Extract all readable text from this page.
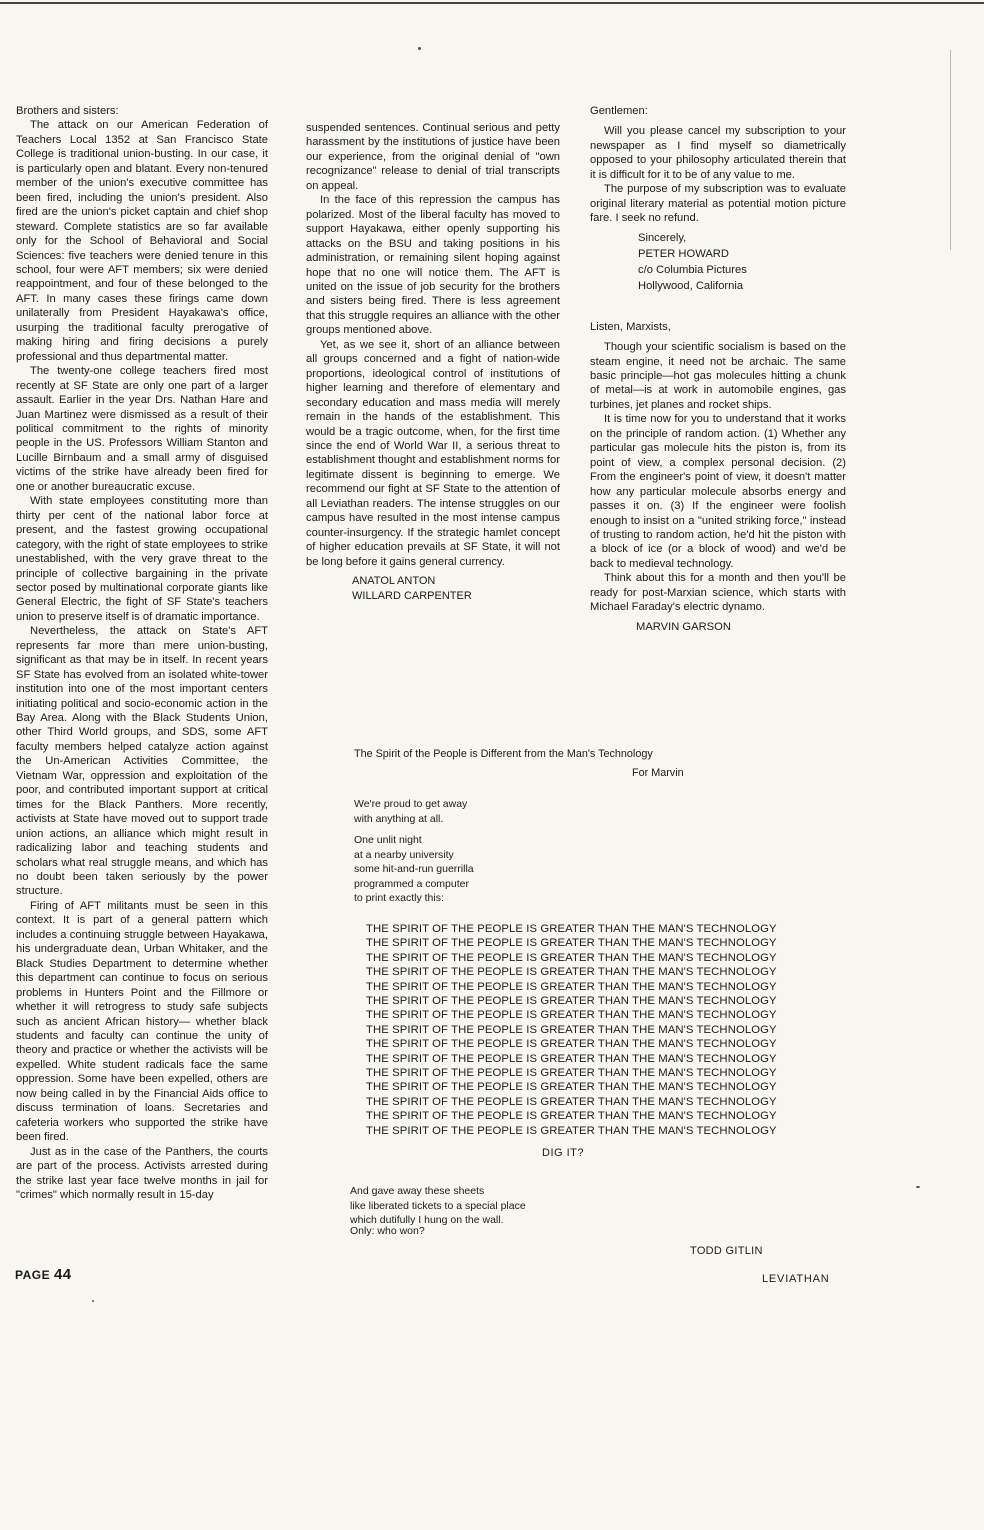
Brothers and sisters:

The attack on our American Federation of Teachers Local 1352 at San Francisco State College is traditional union-busting. In our case, it is particularly open and blatant. Every non-tenured member of the union's executive committee has been fired, including the union's president. Also fired are the union's picket captain and chief shop steward. Complete statistics are so far available only for the School of Behavioral and Social Sciences: five teachers were denied tenure in this school, four were AFT members; six were denied reappointment, and four of these belonged to the AFT. In many cases these firings came down unilaterally from President Hayakawa's office, usurping the traditional faculty prerogative of making hiring and firing decisions a purely professional and thus departmental matter.

The twenty-one college teachers fired most recently at SF State are only one part of a larger assault. Earlier in the year Drs. Nathan Hare and Juan Martinez were dismissed as a result of their political commitment to the rights of minority people in the US. Professors William Stanton and Lucille Birnbaum and a small army of disguised victims of the strike have already been fired for one or another bureaucratic excuse.

With state employees constituting more than thirty per cent of the national labor force at present, and the fastest growing occupational category, with the right of state employees to strike unestablished, with the very grave threat to the principle of collective bargaining in the private sector posed by multinational corporate giants like General Electric, the fight of SF State's teachers union to preserve itself is of dramatic importance.

Nevertheless, the attack on State's AFT represents far more than mere union-busting, significant as that may be in itself. In recent years SF State has evolved from an isolated white-tower institution into one of the most important centers initiating political and socio-economic action in the Bay Area. Along with the Black Students Union, other Third World groups, and SDS, some AFT faculty members helped catalyze action against the Un-American Activities Committee, the Vietnam War, oppression and exploitation of the poor, and contributed important support at critical times for the Black Panthers. More recently, activists at State have moved out to support trade union actions, an alliance which might result in radicalizing labor and teaching students and scholars what real struggle means, and which has no doubt been taken seriously by the power structure.

Firing of AFT militants must be seen in this context. It is part of a general pattern which includes a continuing struggle between Hayakawa, his undergraduate dean, Urban Whitaker, and the Black Studies Department to determine whether this department can continue to focus on serious problems in Hunters Point and the Fillmore or whether it will retrogress to study safe subjects such as ancient African history— whether black students and faculty can continue the unity of theory and practice or whether the activists will be expelled. White student radicals face the same oppression. Some have been expelled, others are now being called in by the Financial Aids office to discuss termination of loans. Secretaries and cafeteria workers who supported the strike have been fired.

Just as in the case of the Panthers, the courts are part of the process. Activists arrested during the strike last year face twelve months in jail for "crimes" which normally result in 15-day

suspended sentences. Continual serious and petty harassment by the institutions of justice have been our experience, from the original denial of "own recognizance" release to denial of trial transcripts on appeal.

In the face of this repression the campus has polarized. Most of the liberal faculty has moved to support Hayakawa, either openly supporting his attacks on the BSU and taking positions in his administration, or remaining silent hoping against hope that no one will notice them. The AFT is united on the issue of job security for the brothers and sisters being fired. There is less agreement that this struggle requires an alliance with the other groups mentioned above.

Yet, as we see it, short of an alliance between all groups concerned and a fight of nation-wide proportions, ideological control of institutions of higher learning and therefore of elementary and secondary education and mass media will merely remain in the hands of the establishment. This would be a tragic outcome, when, for the first time since the end of World War II, a serious threat to establishment thought and establishment norms for legitimate dissent is beginning to emerge. We recommend our fight at SF State to the attention of all Leviathan readers. The intense struggles on our campus have resulted in the most intense campus counter-insurgency. If the strategic hamlet concept of higher education prevails at SF State, it will not be long before it gains general currency.

ANATOL ANTON
WILLARD CARPENTER

Gentlemen:

Will you please cancel my subscription to your newspaper as I find myself so diametrically opposed to your philosophy articulated therein that it is difficult for it to be of any value to me.

The purpose of my subscription was to evaluate original literary material as potential motion picture fare. I seek no refund.

Sincerely,
PETER HOWARD
c/o Columbia Pictures
Hollywood, California

Listen, Marxists,

Though your scientific socialism is based on the steam engine, it need not be archaic. The same basic principle—hot gas molecules hitting a chunk of metal—is at work in automobile engines, gas turbines, jet planes and rocket ships.

It is time now for you to understand that it works on the principle of random action. (1) Whether any particular gas molecule hits the piston is, from its point of view, a complex personal decision. (2) From the engineer's point of view, it doesn't matter how any particular molecule absorbs energy and passes it on. (3) If the engineer were foolish enough to insist on a "united striking force," instead of trusting to random action, he'd hit the piston with a block of ice (or a block of wood) and we'd be back to medieval technology.

Think about this for a month and then you'll be ready for post-Marxian science, which starts with Michael Faraday's electric dynamo.

MARVIN GARSON
The Spirit of the People is Different from the Man's Technology
For Marvin
We're proud to get away
with anything at all.
One unlit night
at a nearby university
some hit-and-run guerrilla
programmed a computer
to print exactly this:
THE SPIRIT OF THE PEOPLE IS GREATER THAN THE MAN'S TECHNOLOGY
THE SPIRIT OF THE PEOPLE IS GREATER THAN THE MAN'S TECHNOLOGY
THE SPIRIT OF THE PEOPLE IS GREATER THAN THE MAN'S TECHNOLOGY
THE SPIRIT OF THE PEOPLE IS GREATER THAN THE MAN'S TECHNOLOGY
THE SPIRIT OF THE PEOPLE IS GREATER THAN THE MAN'S TECHNOLOGY
THE SPIRIT OF THE PEOPLE IS GREATER THAN THE MAN'S TECHNOLOGY
THE SPIRIT OF THE PEOPLE IS GREATER THAN THE MAN'S TECHNOLOGY
THE SPIRIT OF THE PEOPLE IS GREATER THAN THE MAN'S TECHNOLOGY
THE SPIRIT OF THE PEOPLE IS GREATER THAN THE MAN'S TECHNOLOGY
THE SPIRIT OF THE PEOPLE IS GREATER THAN THE MAN'S TECHNOLOGY
THE SPIRIT OF THE PEOPLE IS GREATER THAN THE MAN'S TECHNOLOGY
THE SPIRIT OF THE PEOPLE IS GREATER THAN THE MAN'S TECHNOLOGY
THE SPIRIT OF THE PEOPLE IS GREATER THAN THE MAN'S TECHNOLOGY
THE SPIRIT OF THE PEOPLE IS GREATER THAN THE MAN'S TECHNOLOGY
THE SPIRIT OF THE PEOPLE IS GREATER THAN THE MAN'S TECHNOLOGY
DIG IT?
And gave away these sheets
like liberated tickets to a special place
which dutifully I hung on the wall.
Only: who won?
TODD GITLIN
PAGE 44	LEVIATHAN
